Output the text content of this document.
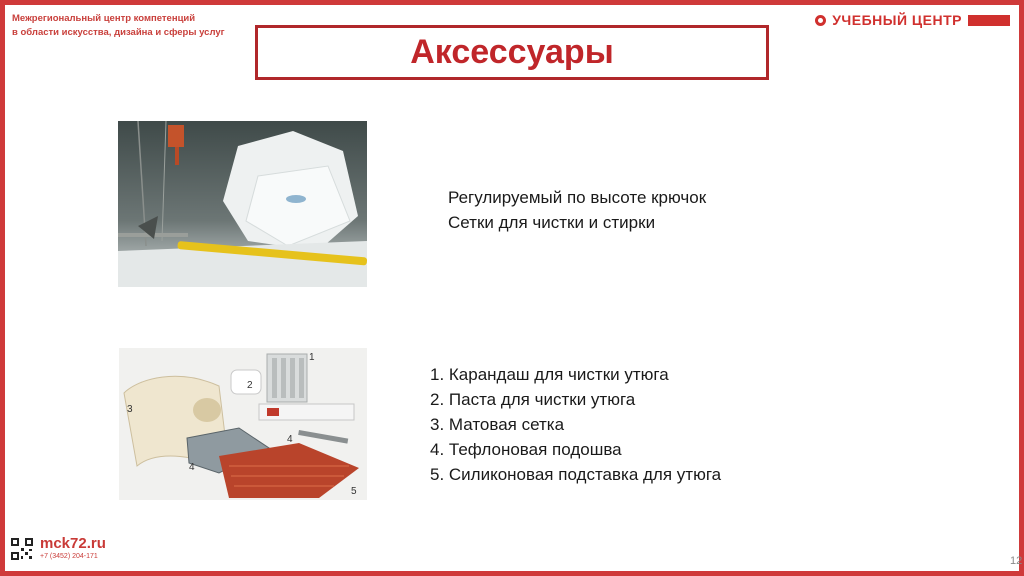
Межрегиональный центр компетенций
в области искусства, дизайна и сферы услуг
УЧЕБНЫЙ ЦЕНТР
Аксессуары
Регулируемый по высоте крючок
Сетки для чистки и стирки
1
2
3
4
4
5
1. Карандаш для чистки утюга
2. Паста для чистки утюга
3. Матовая сетка
4. Тефлоновая подошва
5. Силиконовая подставка для утюга
mck72.ru
+7 (3452) 204-171	12
